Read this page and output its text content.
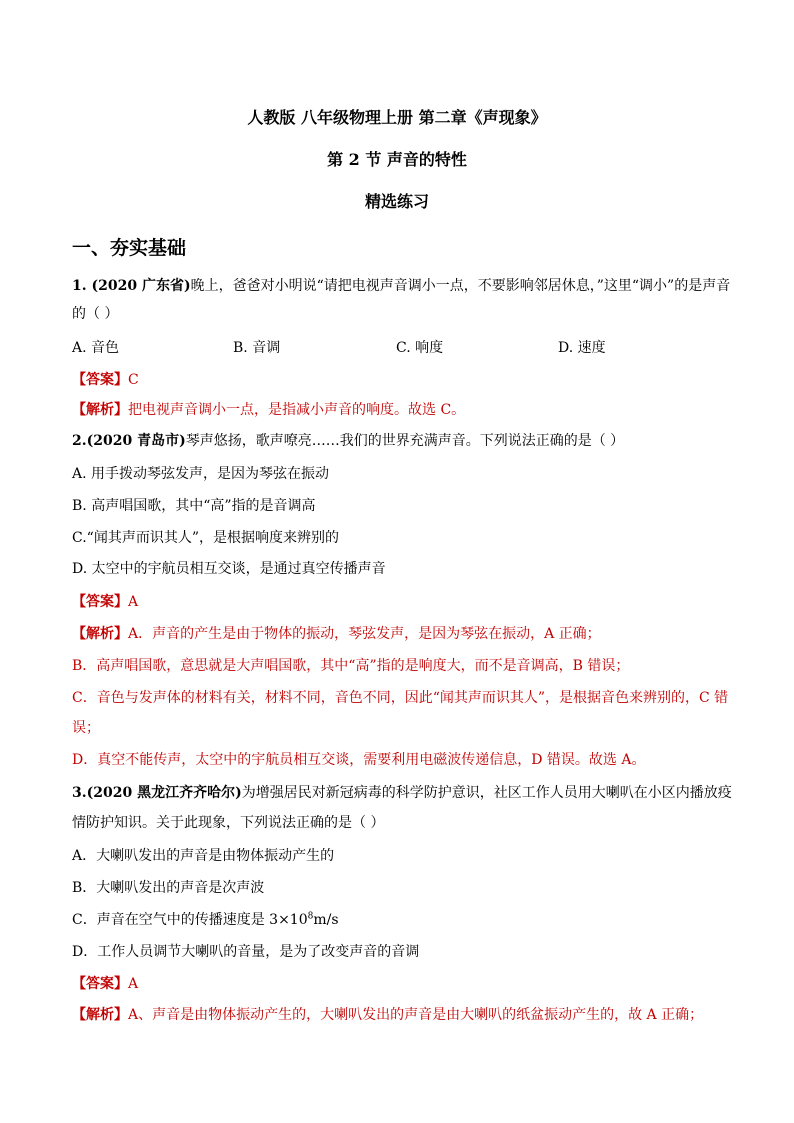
人教版 八年级物理上册 第二章《声现象》
第 2 节 声音的特性
精选练习
一、夯实基础
1. (2020 广东省)晚上，爸爸对小明说“请把电视声音调小一点，不要影响邻居休息，”这里“调小”的是声音
的（ ）
A. 音色	B. 音调	C. 响度	D. 速度
【答案】C
【解析】把电视声音调小一点，是指减小声音的响度。故选 C。
2.(2020 青岛市)琴声悠扬，歌声嘹亮……我们的世界充满声音。下列说法正确的是（ ）
A. 用手拨动琴弦发声，是因为琴弦在振动
B. 高声唱国歌，其中“高”指的是音调高
C.“闻其声而识其人”，是根据响度来辨别的
D. 太空中的宇航员相互交谈，是通过真空传播声音
【答案】A
【解析】A．声音的产生是由于物体的振动，琴弦发声，是因为琴弦在振动，A 正确；
B．高声唱国歌，意思就是大声唱国歌，其中“高”指的是响度大，而不是音调高，B 错误；
C．音色与发声体的材料有关，材料不同，音色不同，因此“闻其声而识其人”，是根据音色来辨别的，C 错
误；
D．真空不能传声，太空中的宇航员相互交谈，需要利用电磁波传递信息，D 错误。故选 A。
3.(2020 黑龙江齐齐哈尔)为增强居民对新冠病毒的科学防护意识，社区工作人员用大喇叭在小区内播放疫
情防护知识。关于此现象，下列说法正确的是（ ）
A．大喇叭发出的声音是由物体振动产生的
B．大喇叭发出的声音是次声波
C．声音在空气中的传播速度是 $3\times 10^8m/s$
D．工作人员调节大喇叭的音量，是为了改变声音的音调
【答案】A
【解析】A、声音是由物体振动产生的，大喇叭发出的声音是由大喇叭的纸盆振动产生的，故 A 正确；
